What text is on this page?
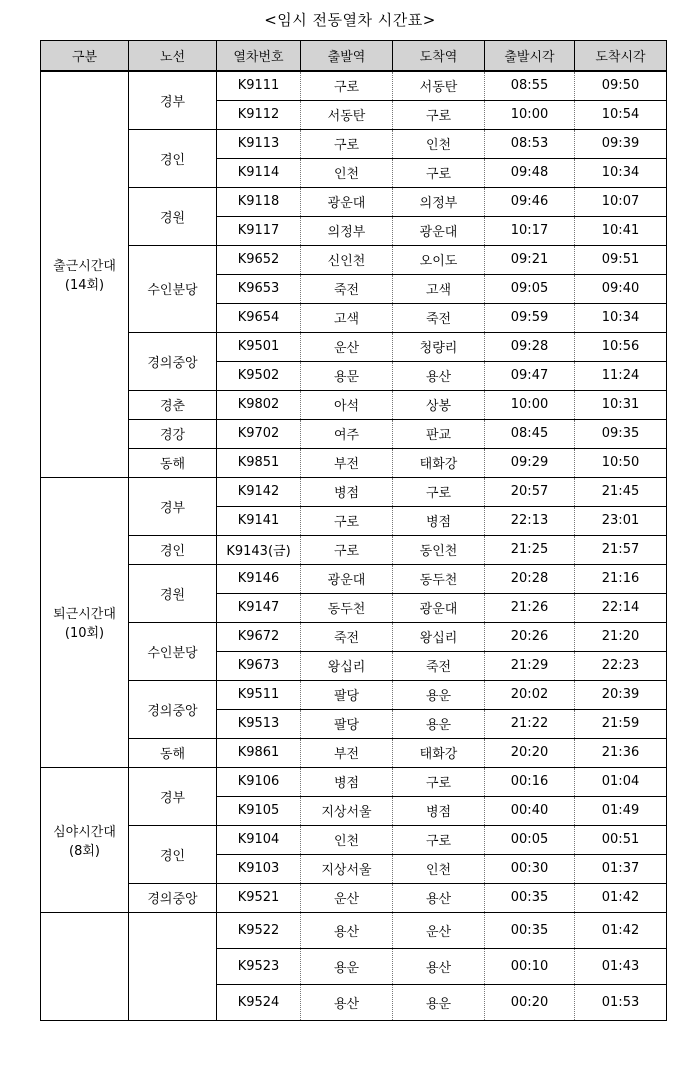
<임시 전동열차 시간표>
구분	노선	열차번호	출발역	도착역	출발시각	도착시각
출근시간대
(14회)	경부	K9111	구로	서동탄	08:55	09:50
		K9112	서동탄	구로	10:00	10:54
	경인	K9113	구로	인천	08:53	09:39
		K9114	인천	구로	09:48	10:34
	경원	K9118	광운대	의정부	09:46	10:07
		K9117	의정부	광운대	10:17	10:41
	수인분당	K9652	신인천	오이도	09:21	09:51
		K9653	죽전	고색	09:05	09:40
		K9654	고색	죽전	09:59	10:34
	경의중앙	K9501	운산	청량리	09:28	10:56
		K9502	용문	용산	09:47	11:24
	경춘	K9802	아석	상봉	10:00	10:31
	경강	K9702	여주	판교	08:45	09:35
	동해	K9851	부전	태화강	09:29	10:50
퇴근시간대
(10회)	경부	K9142	병점	구로	20:57	21:45
		K9141	구로	병점	22:13	23:01
	경인	K9143(금)	구로	동인천	21:25	21:57
	경원	K9146	광운대	동두천	20:28	21:16
		K9147	동두천	광운대	21:26	22:14
	수인분당	K9672	죽전	왕십리	20:26	21:20
		K9673	왕십리	죽전	21:29	22:23
	경의중앙	K9511	팔당	용운	20:02	20:39
		K9513	팔당	용운	21:22	21:59
	동해	K9861	부전	태화강	20:20	21:36
심야시간대
(8회)	경부	K9106	병점	구로	00:16	01:04
		K9105	지상서울	병점	00:40	01:49
	경인	K9104	인천	구로	00:05	00:51
		K9103	지상서울	인천	00:30	01:37
	경의중앙	K9521	운산	용산	00:35	01:42
		K9522	용산	운산	00:35	01:42
		K9523	용운	용산	00:10	01:43
		K9524	용산	용운	00:20	01:53
